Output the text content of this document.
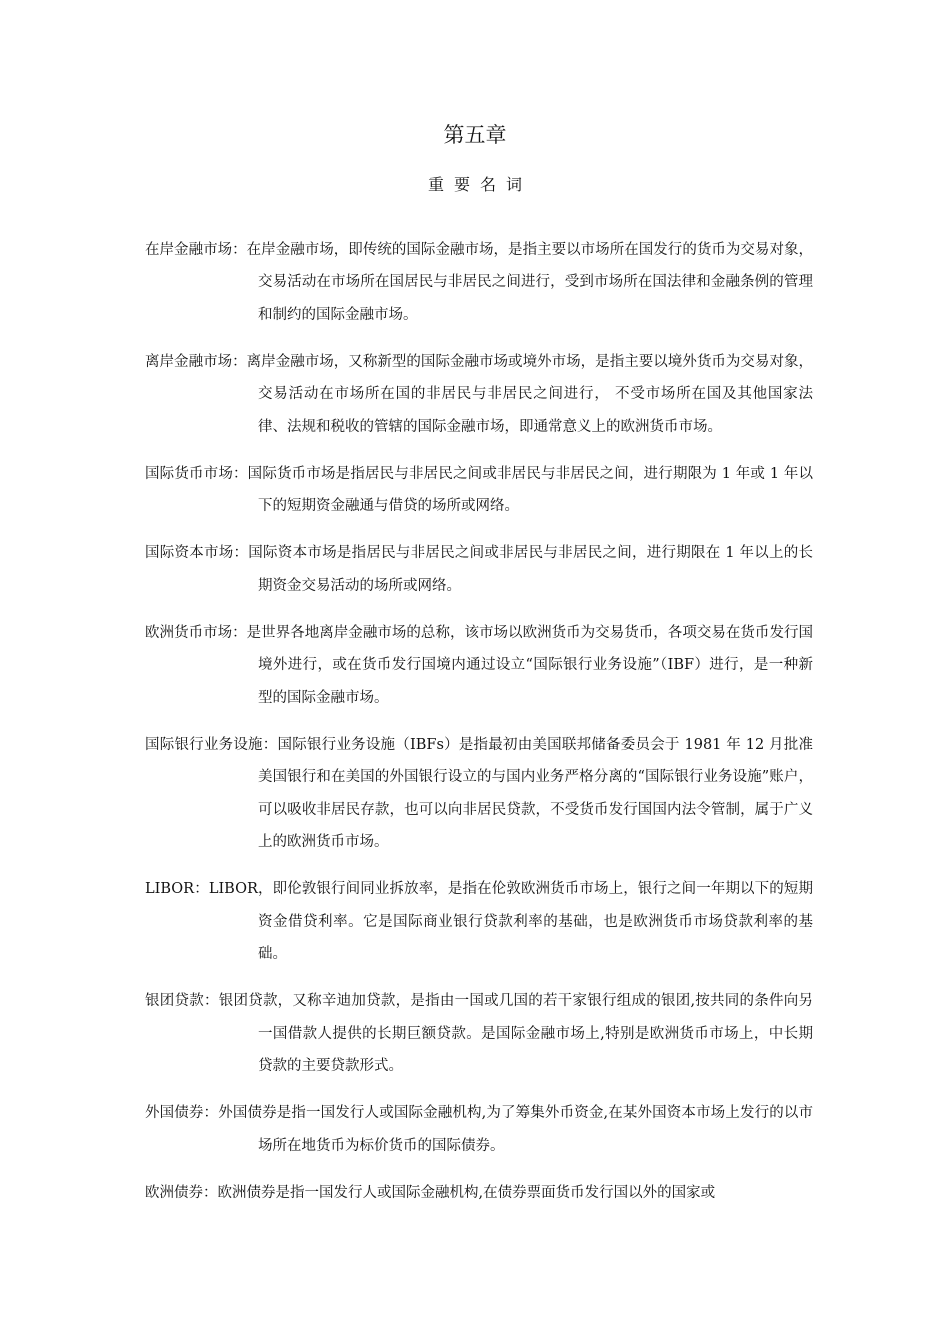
第五章
重要名词

在岸金融市场：在岸金融市场，即传统的国际金融市场，是指主要以市场所在国发行的货币为交易对象，交易活动在市场所在国居民与非居民之间进行，受到市场所在国法律和金融条例的管理和制约的国际金融市场。

离岸金融市场：离岸金融市场，又称新型的国际金融市场或境外市场，是指主要以境外货币为交易对象，交易活动在市场所在国的非居民与非居民之间进行， 不受市场所在国及其他国家法律、法规和税收的管辖的国际金融市场，即通常意义上的欧洲货币市场。

国际货币市场：国际货币市场是指居民与非居民之间或非居民与非居民之间，进行期限为 1 年或 1 年以下的短期资金融通与借贷的场所或网络。

国际资本市场：国际资本市场是指居民与非居民之间或非居民与非居民之间，进行期限在 1 年以上的长期资金交易活动的场所或网络。

欧洲货币市场：是世界各地离岸金融市场的总称，该市场以欧洲货币为交易货币，各项交易在货币发行国境外进行，或在货币发行国境内通过设立“国际银行业务设施”（IBF）进行，是一种新型的国际金融市场。

国际银行业务设施：国际银行业务设施（IBFs）是指最初由美国联邦储备委员会于 1981 年 12 月批准美国银行和在美国的外国银行设立的与国内业务严格分离的“国际银行业务设施”账户，可以吸收非居民存款，也可以向非居民贷款，不受货币发行国国内法令管制，属于广义上的欧洲货币市场。

LIBOR：LIBOR，即伦敦银行间同业拆放率，是指在伦敦欧洲货币市场上，银行之间一年期以下的短期资金借贷利率。它是国际商业银行贷款利率的基础，也是欧洲货币市场贷款利率的基础。

银团贷款：银团贷款，又称辛迪加贷款，是指由一国或几国的若干家银行组成的银团,按共同的条件向另一国借款人提供的长期巨额贷款。是国际金融市场上,特别是欧洲货币市场上，中长期贷款的主要贷款形式。

外国债券：外国债券是指一国发行人或国际金融机构,为了筹集外币资金,在某外国资本市场上发行的以市场所在地货币为标价货币的国际债券。

欧洲债券：欧洲债券是指一国发行人或国际金融机构,在债券票面货币发行国以外的国家或
